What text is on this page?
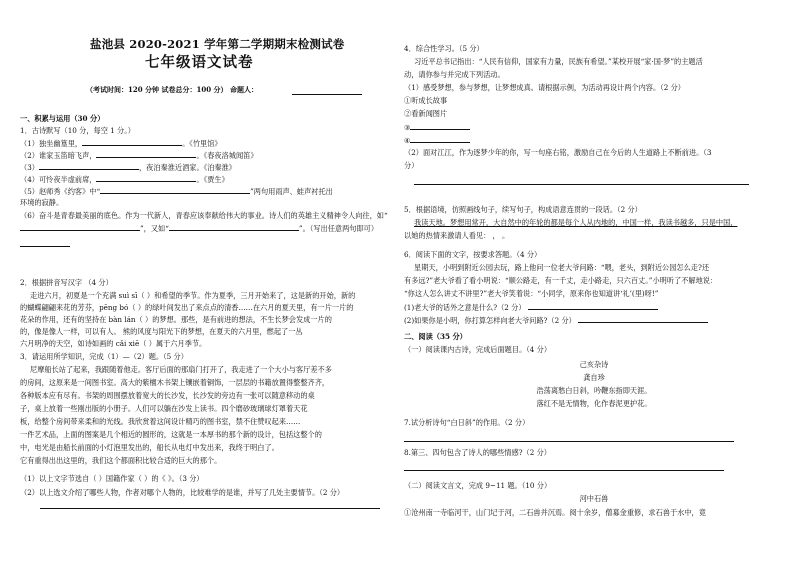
盐池县 2020-2021 学年第二学期期末检测试卷
七年级语文试卷
（考试时间：120 分钟 试卷总分：100 分） 命题人：
一、积累与运用（30 分）
1．古诗默写（10 分，每空 1 分。）
（1）独坐幽篁里，	。《竹里馆》
（2）谁家玉笛暗飞声，	。《春夜洛城闻笛》
（3）	，夜泊秦淮近酒家。《泊秦淮》
（4）可怜夜半虚前席，	。《贾生》
（5）赵师秀《约客》中“	”两句用雨声、蛙声衬托出
环境的寂静。
（6）奋斗是青春最美丽的底色。作为一代新人，青春应该奉献给伟大的事业。诗人们的英雄主义精神令人向往，如“
”，又如“	”。（写出任意两句即可）
2．根据拼音写汉字 （4 分）
走进六月，初夏是一个充满 suì sī（ ）和希望的季节。作为夏季，三月开始来了，这是新的开始，新的
的蝴蝶翩翩来花的芳芬，pēng bó（ ）的绿叶间发出了来点点的清香……在六月的夏天里，有一片一片的
花朵的作用，还有的坚持在 bàn lán（ ）的梦想。那些，是有前进的想法，不生长梦会发成一片的
的，像是像人一样，可以有人。 熊的风度与阳光下的梦想，在夏天的六月里，燃起了一丛
六月明净的天空，如诗如画的 cǎi xiē（ ）属于六月季节。
3．请运用所学知识，完成（1）—（2）题。（5 分）
尼摩船长站了起来，我跟随着他走。客厅后面的那扇门打开了，我走进了一个大小与客厅差不多
的房间，这原来是一间图书室。高大的紫檀木书架上镶嵌着铜饰，一层层的书籍放置得整整齐齐，
各种版本应有尽有。书架的周围摆放着宽大的长沙发，长沙发的旁边有一张可以随意移动的桌
子，桌上放着一些刚出版的小册子。人们可以躺在沙发上读书。四个磨砂玻璃球灯罩着天花
板，给整个房间带来柔和的光线。我欣赏着这间设计精巧的图书室，禁不住赞叹起来……
一件艺术品，上面的图案是几个相近的圆形的，这就是一本厚书的那个新的设计，包括这整个的
中，电光是由船长前面的小灯泡里发出的，船长从电灯中发出来，我终于明白了。
它有重得出出这里的，我们这个都面积比较合适的巨大的那个。
（1）以上文字节选自（ ）国籍作家（ ）的《 》。（3 分）
（2）以上选文介绍了哪些人物，作者对哪个人物的，比较难学的是谁，并写了几处主要情节。（2 分）
4．综合性学习。（5 分）
习近平总书记指出：“人民有信仰，国家有力量，民族有希望。”某校开展“家·国·梦”的主题活
动，请你参与并完成下列活动。
（1）感受梦想，参与梦想，让梦想成真。请根据示例，为活动再设计两个内容。（2 分）
①听成长故事
②看新闻图片
③
④
（2）面对江江，作为逐梦少年的你，写一句座右铭，激励自己在今后的人生道路上不断前进。（3
分）
5．根据语境，仿照画线句子，续写句子，构成语意连贯的一段话。（2 分）
我读天地。梦想用常开，大自然中的年轮的都是每个人从内地的，中国一样，我读书越多，只是中国，
以她的热情来激请人看见： ， 。
6．阅读下面的文字，按要求答题。（4 分）
星期天，小明到附近公园去玩，路上他问一位老大爷问路：“喂，老头，到附近公园怎么走?还
有多远?”老大爷看了看小明说：“顺公路走，有一千丈，走小路走，只六百丈。”小明听了不解地说：
“你这人怎么讲丈不讲里?”老大爷笑着说：“小同学，原来你也知道讲‘礼’(里)呀!”
(1)老大爷的话外之意是什么?（2 分）
(2)如果你是小明，你打算怎样向老大爷问路?（2 分）
二、阅读（35 分）
（一）阅读课内古诗，完成后面题目。（4 分）
己亥杂诗
龚自珍
浩荡离愁白日斜，吟鞭东指即天涯。
落红不是无情物，化作春泥更护花。
7.试分析诗句“白日斜”的作用。（2 分）
8.第三、四句包含了诗人的哪些情感?（2 分）
（二）阅读文言文，完成 9~11 题。（10 分）
河中石兽
①沧州南一寺临河干，山门圮于河，二石兽并沉焉。阅十余岁，僧募金重修，求石兽于水中，竟
